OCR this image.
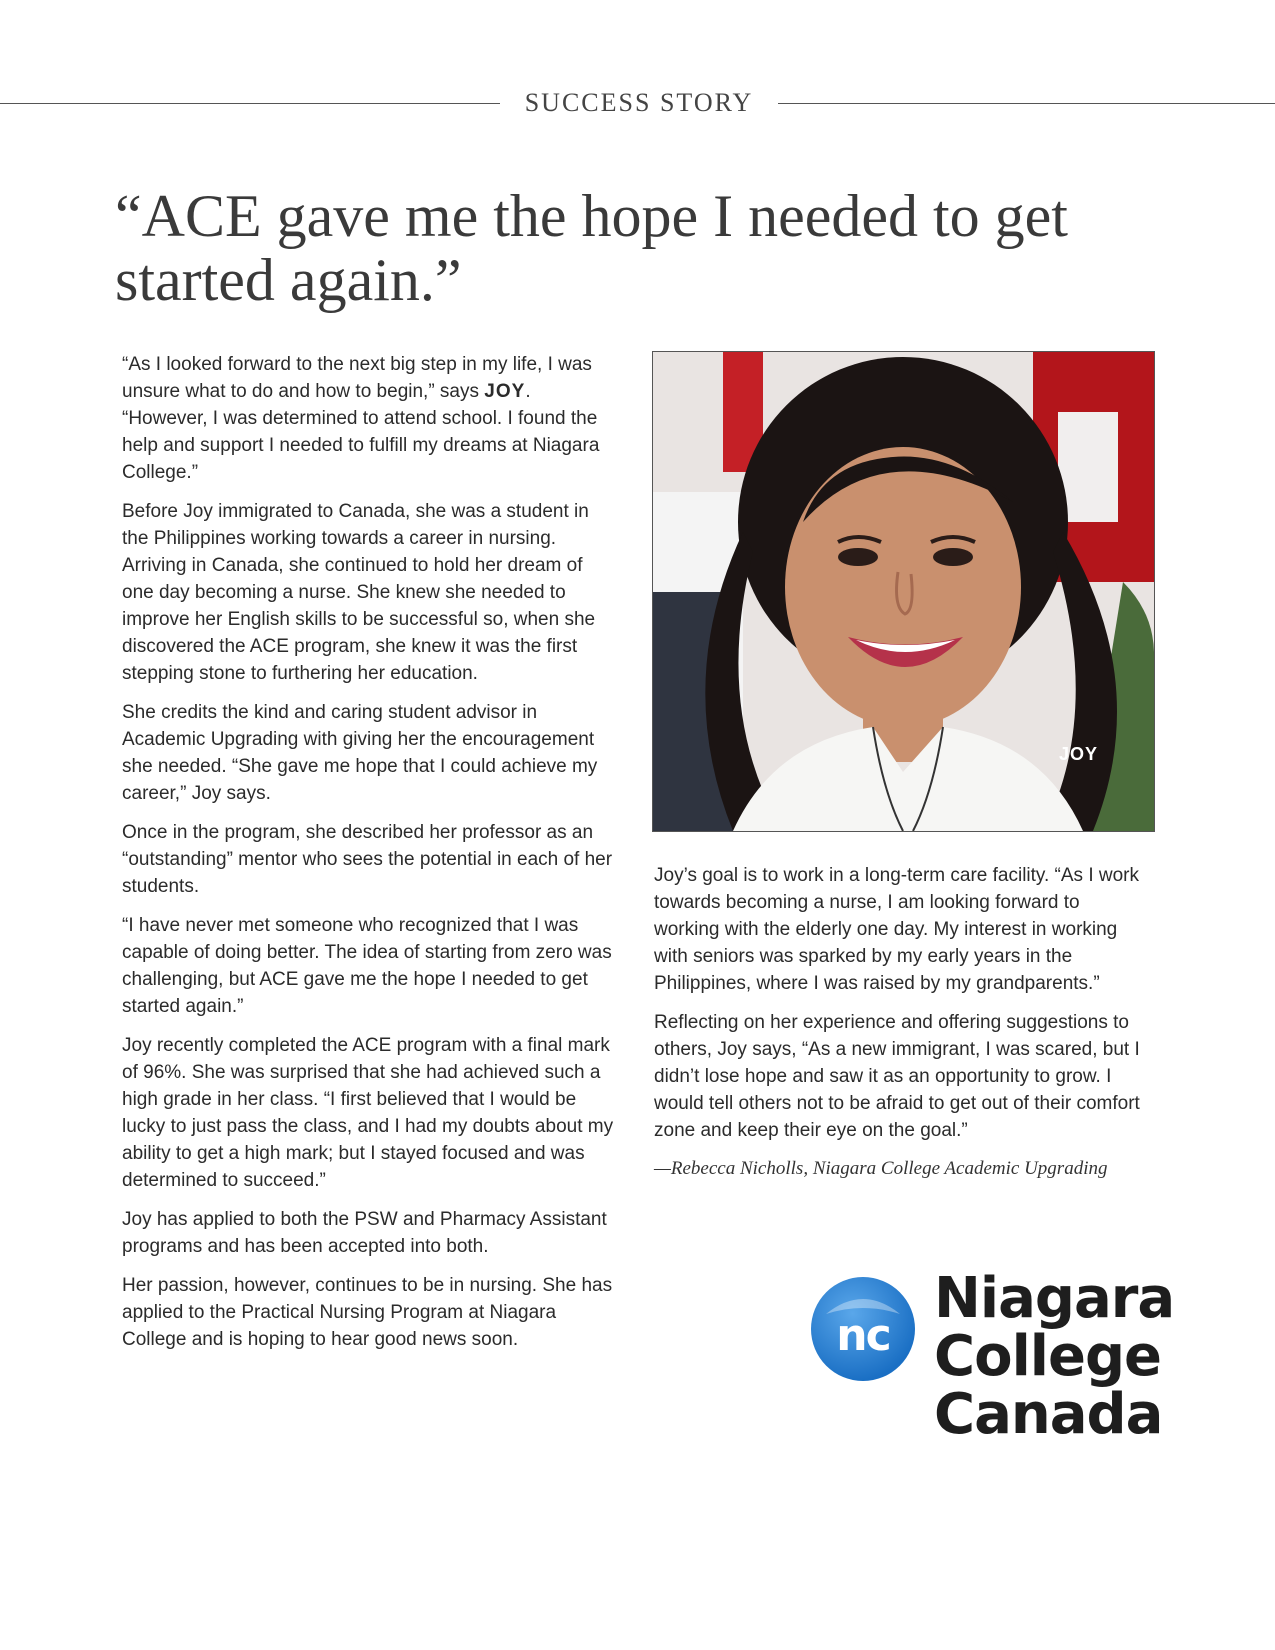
SUCCESS STORY
“ACE gave me the hope I needed to get started again.”

“As I looked forward to the next big step in my life, I was unsure what to do and how to begin,” says JOY. “However, I was determined to attend school. I found the help and support I needed to fulfill my dreams at Niagara College.”

Before Joy immigrated to Canada, she was a student in the Philippines working towards a career in nursing. Arriving in Canada, she continued to hold her dream of one day becoming a nurse. She knew she needed to improve her English skills to be successful so, when she discovered the ACE program, she knew it was the first stepping stone to furthering her education.

She credits the kind and caring student advisor in Academic Upgrading with giving her the encouragement she needed. “She gave me hope that I could achieve my career,” Joy says.

Once in the program, she described her professor as an “outstanding” mentor who sees the potential in each of her students.

“I have never met someone who recognized that I was capable of doing better. The idea of starting from zero was challenging, but ACE gave me the hope I needed to get started again.”

Joy recently completed the ACE program with a final mark of 96%. She was surprised that she had achieved such a high grade in her class. “I first believed that I would be lucky to just pass the class, and I had my doubts about my ability to get a high mark; but I stayed focused and was determined to succeed.”

Joy has applied to both the PSW and Pharmacy Assistant programs and has been accepted into both.

Her passion, however, continues to be in nursing. She has applied to the Practical Nursing Program at Niagara College and is hoping to hear good news soon.

JOY

Joy’s goal is to work in a long-term care facility. “As I work towards becoming a nurse, I am looking forward to working with the elderly one day. My interest in working with seniors was sparked by my early years in the Philippines, where I was raised by my grandparents.”

Reflecting on her experience and offering suggestions to others, Joy says, “As a new immigrant, I was scared, but I didn’t lose hope and saw it as an opportunity to grow. I would tell others not to be afraid to get out of their comfort zone and keep their eye on the goal.”

—Rebecca Nicholls, Niagara College Academic Upgrading
nc
Niagara
College
Canada
